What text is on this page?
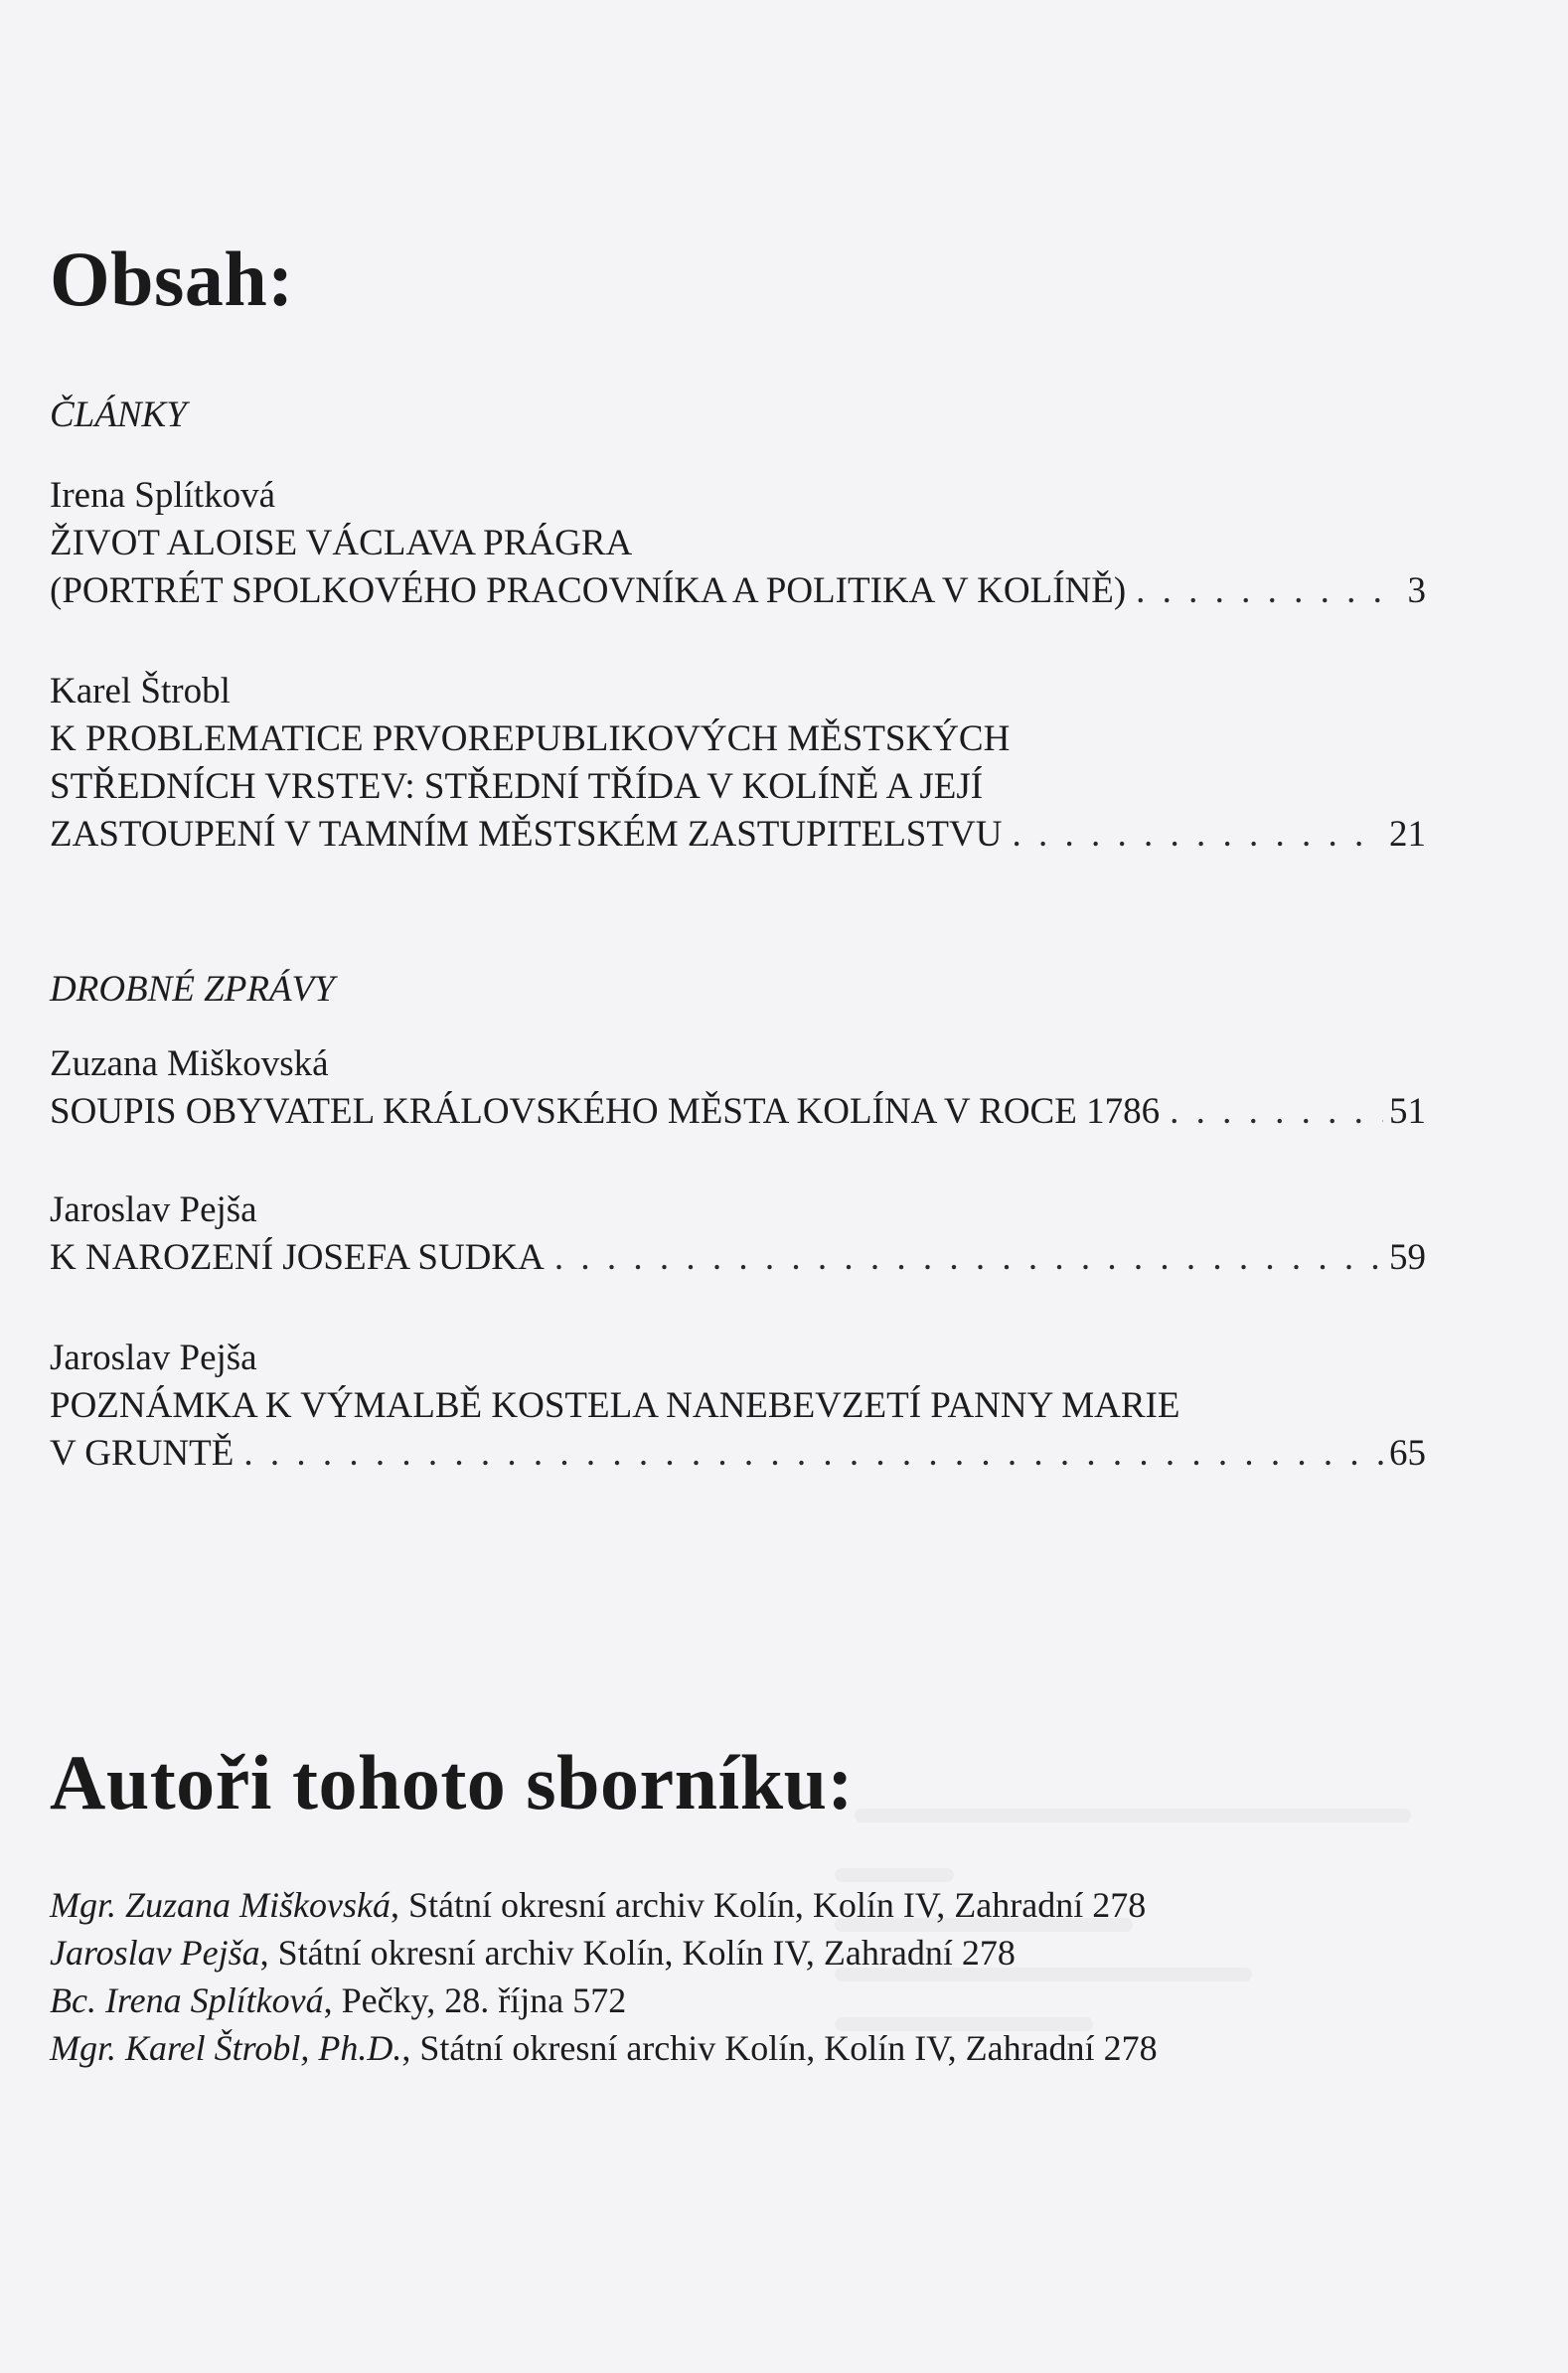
Obsah:
ČLÁNKY
Irena Splítková
ŽIVOT ALOISE VÁCLAVA PRÁGRA
(PORTRÉT SPOLKOVÉHO PRACOVNÍKA A POLITIKA V KOLÍNĚ) . . .	3
Karel Štrobl
K PROBLEMATICE PRVOREPUBLIKOVÝCH MĚSTSKÝCH
STŘEDNÍCH VRSTEV: STŘEDNÍ TŘÍDA V KOLÍNĚ A JEJÍ
ZASTOUPENÍ V TAMNÍM MĚSTSKÉM ZASTUPITELSTVU . . .	21
DROBNÉ ZPRÁVY
Zuzana Miškovská
SOUPIS OBYVATEL KRÁLOVSKÉHO MĚSTA KOLÍNA V ROCE 1786 . . .	51
Jaroslav Pejša
K NAROZENÍ JOSEFA SUDKA . . .	59
Jaroslav Pejša
POZNÁMKA K VÝMALBĚ KOSTELA NANEBEVZETÍ PANNY MARIE
V GRUNTĚ . . .	65
Autoři tohoto sborníku:
Mgr. Zuzana Miškovská, Státní okresní archiv Kolín, Kolín IV, Zahradní 278
Jaroslav Pejša, Státní okresní archiv Kolín, Kolín IV, Zahradní 278
Bc. Irena Splítková, Pečky, 28. října 572
Mgr. Karel Štrobl, Ph.D., Státní okresní archiv Kolín, Kolín IV, Zahradní 278
